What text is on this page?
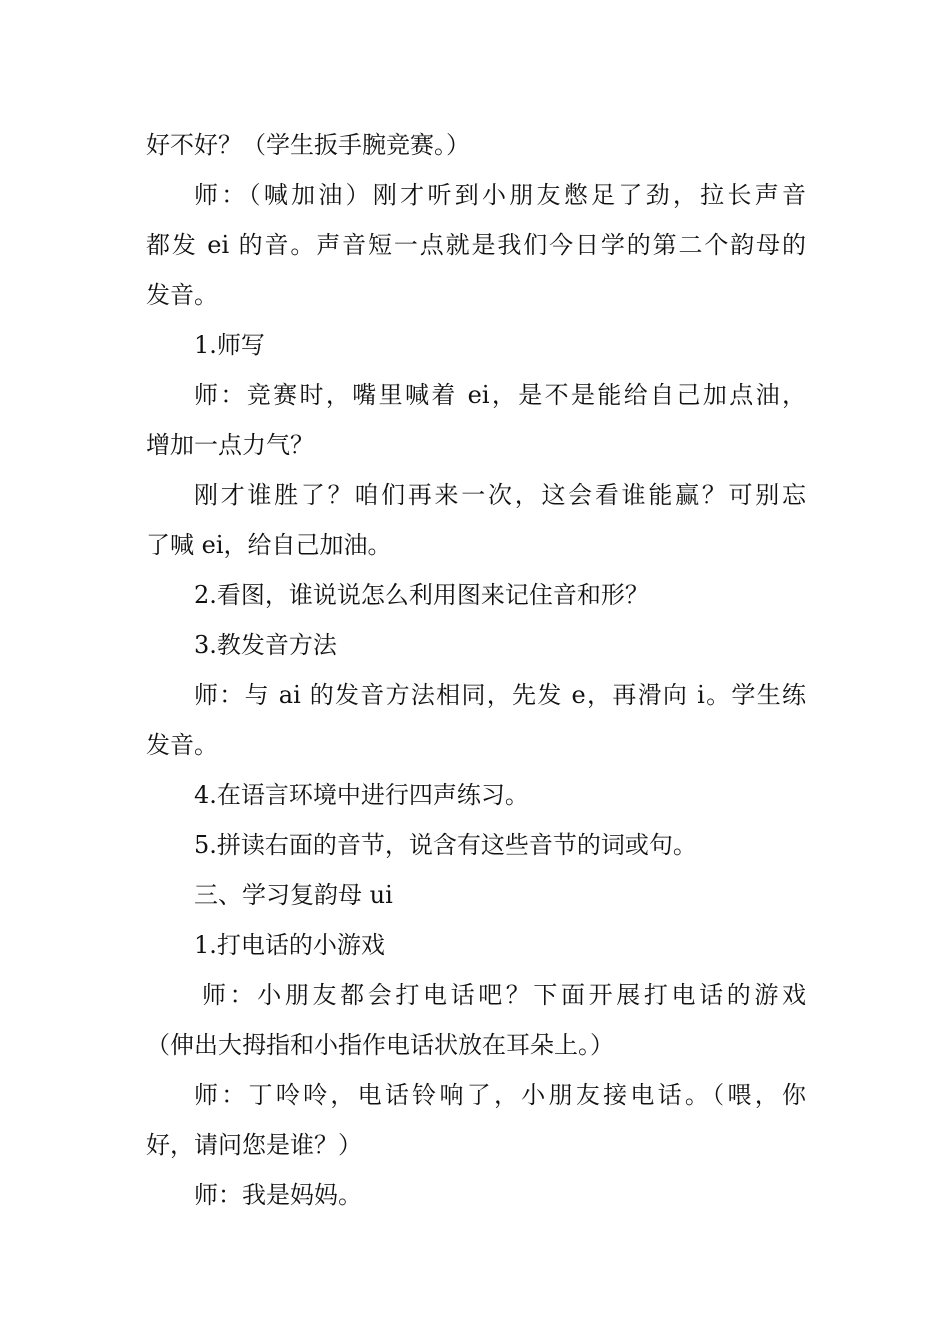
好不好？（学生扳手腕竞赛。）
师：（喊加油）刚才听到小朋友憋足了劲，拉长声音
都发 ei 的音。声音短一点就是我们今日学的第二个韵母的
发音。
1.师写
师：竞赛时，嘴里喊着 ei，是不是能给自己加点油，
增加一点力气？
刚才谁胜了？咱们再来一次，这会看谁能赢？可别忘
了喊 ei，给自己加油。
2.看图，谁说说怎么利用图来记住音和形？
3.教发音方法
师：与 ai 的发音方法相同，先发 e，再滑向 i。学生练
发音。
4.在语言环境中进行四声练习。
5.拼读右面的音节，说含有这些音节的词或句。
三、学习复韵母 ui
1.打电话的小游戏
师：小朋友都会打电话吧？下面开展打电话的游戏
（伸出大拇指和小指作电话状放在耳朵上。）
师：丁呤呤，电话铃响了，小朋友接电话。（喂，你
好，请问您是谁？）
师：我是妈妈。
